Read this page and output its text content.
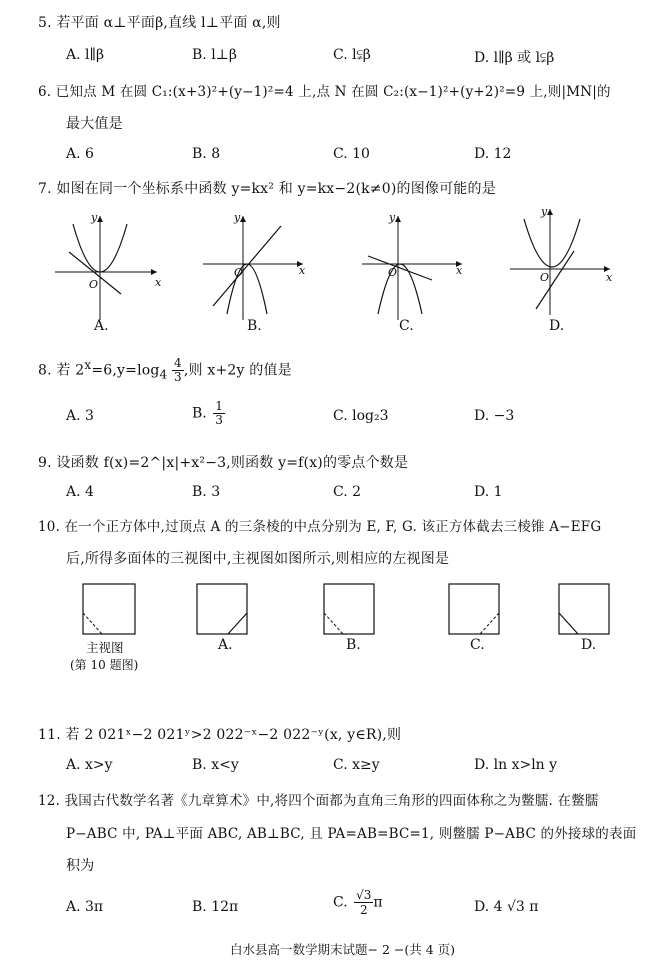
5. 若平面 α⊥平面β,直线 l⊥平面 α,则
A. l∥β	B. l⊥β	C. l⫋β	D. l∥β 或 l⫋β
6. 已知点 M 在圆 C₁:(x+3)²+(y−1)²=4 上,点 N 在圆 C₂:(x−1)²+(y+2)²=9 上,则|MN|的
最大值是
A. 6	B. 8	C. 10	D. 12
7. 如图在同一个坐标系中函数 y=kx² 和 y=kx−2(k≠0)的图像可能的是
y
x
O
A.
y
x
O
B.
y
x
O
C.
y
x
O
D.
8. 若 $2^x=6,y=\log_4 \frac{4}{3}$ ,则 x+2y 的值是
A. 3	B. $\frac{1}{3}$	C. log₂3	D. −3
9. 设函数 f(x)=2^|x|+x²−3,则函数 y=f(x)的零点个数是
A. 4	B. 3	C. 2	D. 1
10. 在一个正方体中,过顶点 A 的三条棱的中点分别为 E, F, G. 该正方体截去三棱锥 A−EFG
后,所得多面体的三视图中,主视图如图所示,则相应的左视图是
主视图
(第 10 题图)
A.	B.	C.	D.
11. 若 2 021ˣ−2 021ʸ>2 022⁻ˣ−2 022⁻ʸ(x, y∈R),则
A. x>y	B. x<y	C. x≥y	D. ln x>ln y
12. 我国古代数学名著《九章算术》中,将四个面都为直角三角形的四面体称之为鳖臑. 在鳖臑
P−ABC 中, PA⊥平面 ABC, AB⊥BC, 且 PA=AB=BC=1, 则鳖臑 P−ABC 的外接球的表面
积为
A. 3π	B. 12π	C. $\frac{√3}{2}$ π	D. 4 √3 π
白水县高一数学期末试题− 2 −(共 4 页)
